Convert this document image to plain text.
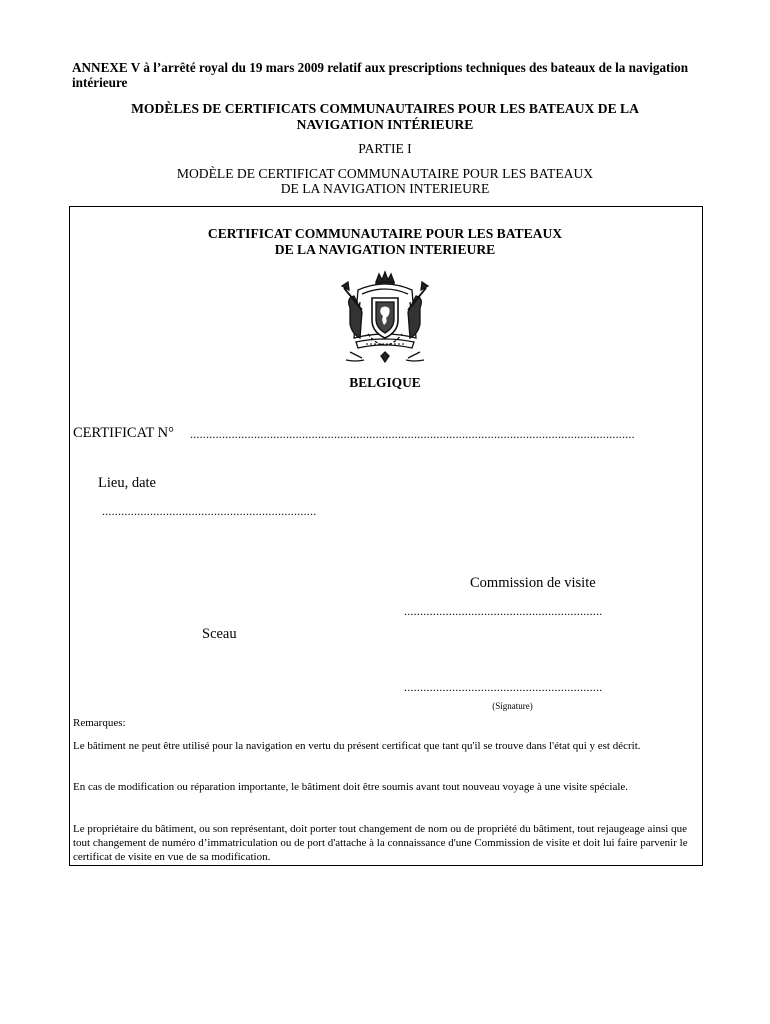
ANNEXE V à l’arrêté royal du 19 mars 2009 relatif aux prescriptions techniques des bateaux de la navigation intérieure
MODÈLES DE CERTIFICATS COMMUNAUTAIRES POUR LES BATEAUX DE LA
NAVIGATION INTÉRIEURE
PARTIE I
MODÈLE DE CERTIFICAT COMMUNAUTAIRE POUR LES BATEAUX
DE LA NAVIGATION INTERIEURE
CERTIFICAT COMMUNAUTAIRE POUR LES BATEAUX
DE LA NAVIGATION INTERIEURE
BELGIQUE
CERTIFICAT N° ...........................................................................................................................................
Lieu, date
...................................................................
Commission de visite
..............................................................
Sceau
..............................................................
(Signature)
Remarques:
Le bâtiment ne peut être utilisé pour la navigation en vertu du présent certificat que tant qu'il se trouve dans l'état qui y est décrit.
En cas de modification ou réparation importante, le bâtiment doit être soumis avant tout nouveau voyage à une visite spéciale.
Le propriétaire du bâtiment, ou son représentant, doit porter tout changement de nom ou de propriété du bâtiment, tout rejaugeage ainsi que tout changement de numéro d’immatriculation ou de port d'attache à la connaissance d'une Commission de visite et doit lui faire parvenir le certificat de visite en vue de sa modification.
